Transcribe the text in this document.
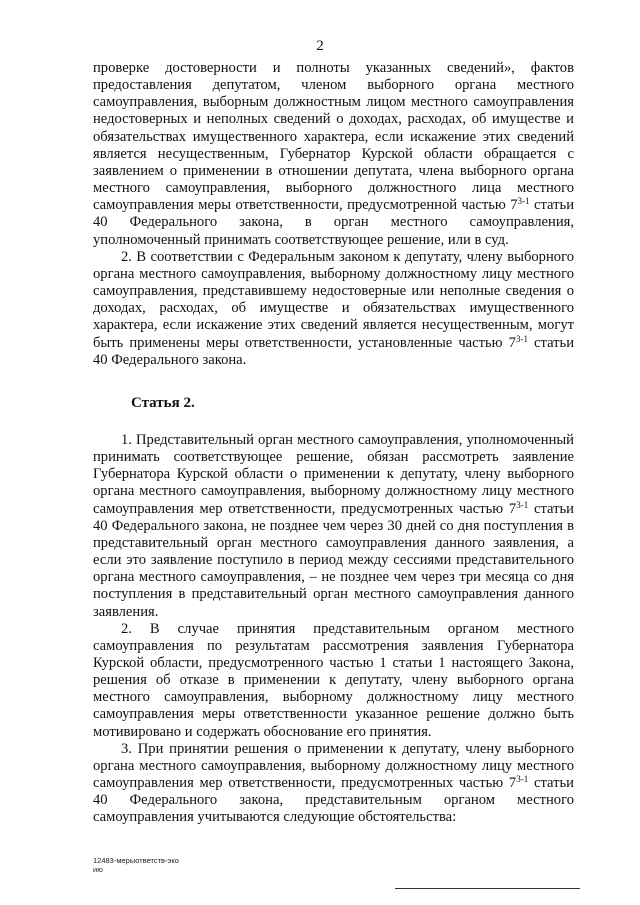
2

проверке достоверности и полноты указанных сведений», фактов предоставления депутатом, членом выборного органа местного самоуправления, выборным должностным лицом местного самоуправления недостоверных и неполных сведений о доходах, расходах, об имуществе и обязательствах имущественного характера, если искажение этих сведений является несущественным, Губернатор Курской области обращается с заявлением о применении в отношении депутата, члена выборного органа местного самоуправления, выборного должностного лица местного самоуправления меры ответственности, предусмотренной частью 7$^{3-1}$ статьи 40 Федерального закона, в орган местного самоуправления, уполномоченный принимать соответствующее решение, или в суд.

2. В соответствии с Федеральным законом к депутату, члену выборного органа местного самоуправления, выборному должностному лицу местного самоуправления, представившему недостоверные или неполные сведения о доходах, расходах, об имуществе и обязательствах имущественного характера, если искажение этих сведений является несущественным, могут быть применены меры ответственности, установленные частью 7$^{3-1}$ статьи 40 Федерального закона.

Статья 2.

1. Представительный орган местного самоуправления, уполномоченный принимать соответствующее решение, обязан рассмотреть заявление Губернатора Курской области о применении к депутату, члену выборного органа местного самоуправления, выборному должностному лицу местного самоуправления мер ответственности, предусмотренных частью 7$^{3-1}$ статьи 40 Федерального закона, не позднее чем через 30 дней со дня поступления в представительный орган местного самоуправления данного заявления, а если это заявление поступило в период между сессиями представительного органа местного самоуправления, – не позднее чем через три месяца со дня поступления в представительный орган местного самоуправления данного заявления.

2. В случае принятия представительным органом местного самоуправления по результатам рассмотрения заявления Губернатора Курской области, предусмотренного частью 1 статьи 1 настоящего Закона, решения об отказе в применении к депутату, члену выборного органа местного самоуправления, выборному должностному лицу местного самоуправления меры ответственности указанное решение должно быть мотивировано и содержать обоснование его принятия.

3. При принятии решения о применении к депутату, члену выборного органа местного самоуправления, выборному должностному лицу местного самоуправления мер ответственности, предусмотренных частью 7$^{3-1}$ статьи 40 Федерального закона, представительным органом местного самоуправления учитываются следующие обстоятельства:

12483-мерыответств-эко
ию
